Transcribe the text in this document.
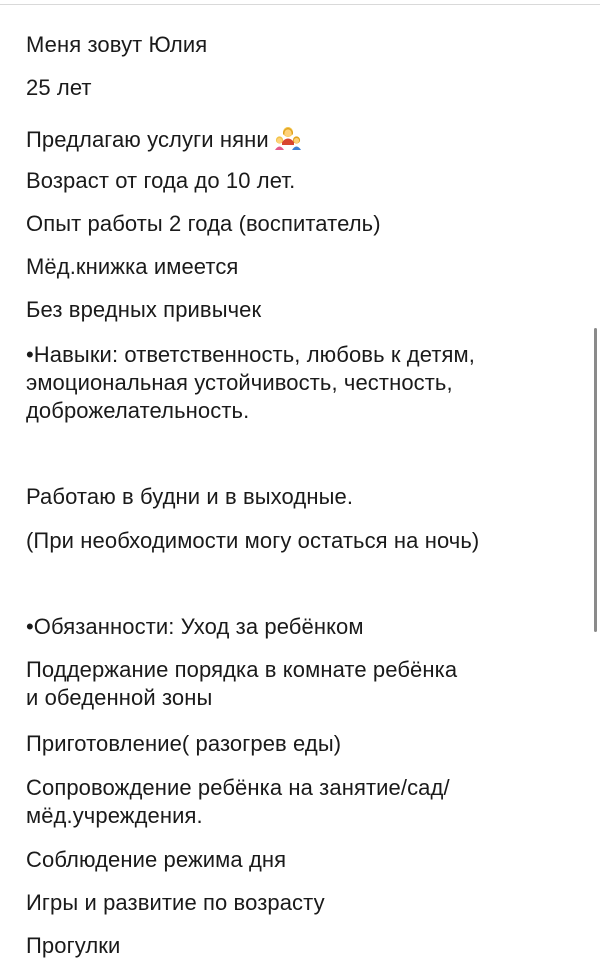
Меня зовут Юлия
25 лет
Предлагаю услуги няни
Возраст от года до 10 лет.
Опыт работы 2 года (воспитатель)
Мёд.книжка имеется
Без вредных привычек
•Навыки: ответственность, любовь к детям,
эмоциональная устойчивость, честность,
доброжелательность.
Работаю в будни и в выходные.
(При необходимости могу остаться на ночь)
•Обязанности: Уход за ребёнком
Поддержание порядка в комнате ребёнка
и обеденной зоны
Приготовление( разогрев еды)
Сопровождение ребёнка на занятие/сад/
мёд.учреждения.
Соблюдение режима дня
Игры и развитие по возрасту
Прогулки
